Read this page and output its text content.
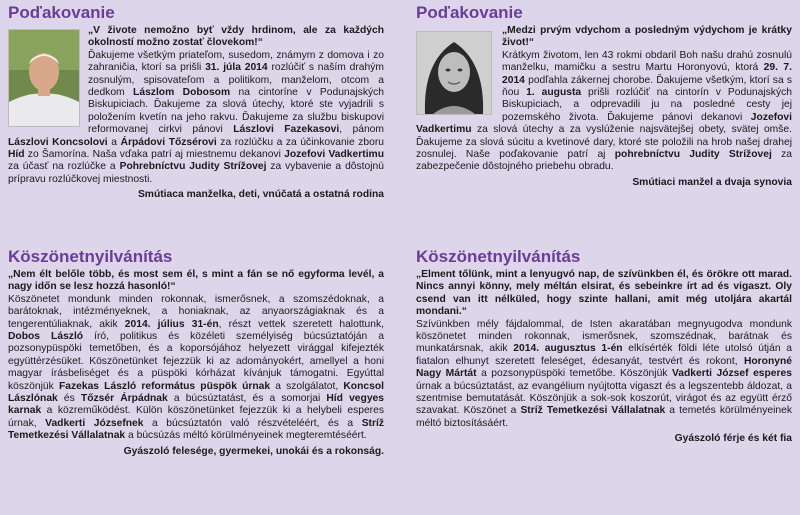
Poďakovanie

„V živote nemožno byť vždy hrdinom, ale za každých okolností možno zostať človekom!“
Ďakujeme všetkým priateľom, susedom, známym z domova i zo zahraničia, ktorí sa prišli 31. júla 2014 rozlúčiť s naším drahým zosnulým, spisovateľom a politikom, manželom, otcom a dedkom Lászlom Dobosom na cintoríne v Podunajských Biskupiciach. Ďakujeme za slová útechy, ktoré ste vyjadrili s položením kvetín na jeho rakvu. Ďakujeme za službu biskupovi reformovanej cirkvi pánovi Lászlovi Fazekasovi, pánom Lászlovi Koncsolovi a Árpádovi Tőzsérovi za rozlúčku a za účinkovanie zboru Híd zo Šamorína. Naša vďaka patrí aj miestnemu dekanovi Jozefovi Vadkertimu za účasť na rozlúčke a Pohrebníctvu Judity Strížovej za vybavenie a dôstojnú prípravu rozlúčkovej miestnosti.

Smútiaca manželka, deti, vnúčatá a ostatná rodina
Köszönetnyilvánítás

„Nem élt belőle több, és most sem él, s mint a fán se nő egyforma levél, a nagy időn se lesz hozzá hasonló!“
Köszönetet mondunk minden rokonnak, ismerősnek, a szomszédoknak, a barátoknak, intézményeknek, a honiaknak, az anyaországiaknak és a tengerentúliaknak, akik 2014. július 31-én, részt vettek szeretett halottunk, Dobos László író, politikus és közéleti személyiség búcsúztatóján a pozsonypüspöki temetőben, és a koporsójához helyezett virággal kifejezték együttérzésüket. Köszönetünket fejezzük ki az adományokért, amellyel a honi magyar írásbeliséget és a püspöki kórházat kívánjuk támogatni. Egyúttal köszönjük Fazekas László református püspök úrnak a szolgálatot, Koncsol Lászlónak és Tőzsér Árpádnak a búcsúztatást, és a somorjai Híd vegyes karnak a közreműködést. Külön köszönetünket fejezzük ki a helybeli esperes úrnak, Vadkerti Józsefnek a búcsúztatón való részvételéért, és a Stríž Temetkezési Vállalatnak a búcsúzás méltó körülményeinek megteremtéséért.

Gyászoló felesége, gyermekei, unokái és a rokonság.
Poďakovanie

„Medzi prvým vdychom a posledným výdychom je krátky život!“
Krátkym životom, len 43 rokmi obdaril Boh našu drahú zosnulú manželku, mamičku a sestru Martu Horonyovú, ktorá 29. 7. 2014 podľahla zákernej chorobe. Ďakujeme všetkým, ktorí sa s ňou 1. augusta prišli rozlúčiť na cintorín v Podunajských Biskupiciach, a odprevadili ju na posledné cesty jej pozemského života. Ďakujeme pánovi dekanovi Jozefovi Vadkertimu za slová útechy a za vyslúženie najsvätejšej obety, svätej omše. Ďakujeme za slová súcitu a kvetinové dary, ktoré ste položili na hrob našej drahej zosnulej. Naše poďakovanie patrí aj pohrebníctvu Judity Strížovej za zabezpečenie dôstojného priebehu obradu.

Smútiaci manžel a dvaja synovia
Köszönetnyilvánítás

„Elment tőlünk, mint a lenyugvó nap, de szívünkben él, és örökre ott marad. Nincs annyi könny, mely méltán elsirat, és sebeinkre írt ad és vigaszt. Oly csend van itt nélküled, hogy szinte hallani, amit még utoljára akartál mondani.“
Szívünkben mély fájdalommal, de Isten akaratában megnyugodva mondunk köszönetet minden rokonnak, ismerősnek, szomszédnak, barátnak és munkatársnak, akik 2014. augusztus 1-én elkísérték földi léte utolsó útján a fiatalon elhunyt szeretett feleséget, édesanyát, testvért és rokont, Horonyné Nagy Mártát a pozsonypüspöki temetőbe. Köszönjük Vadkerti József esperes úrnak a búcsúztatást, az evangélium nyújtotta vigaszt és a legszentebb áldozat, a szentmise bemutatását. Köszönjük a sok-sok koszorút, virágot és az együtt érző szavakat. Köszönet a Stríž Temetkezési Vállalatnak a temetés körülményeinek méltó biztosításáért.

Gyászoló férje és két fia
